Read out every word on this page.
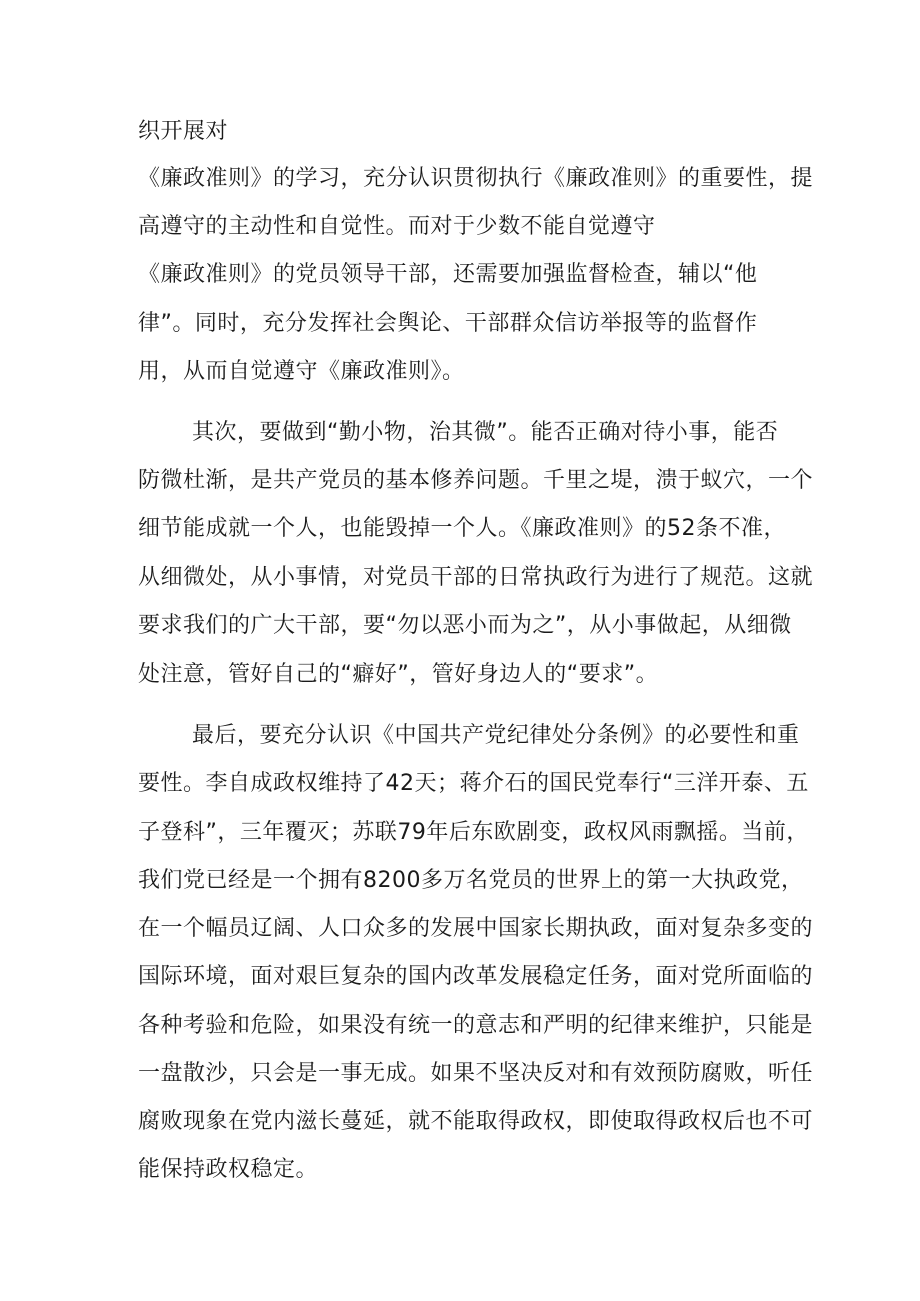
织开展对
《廉政准则》的学习，充分认识贯彻执行《廉政准则》的重要性，提
高遵守的主动性和自觉性。而对于少数不能自觉遵守
《廉政准则》的党员领导干部，还需要加强监督检查，辅以“他
律”。同时，充分发挥社会舆论、干部群众信访举报等的监督作
用，从而自觉遵守《廉政准则》。
其次，要做到“勤小物，治其微”。能否正确对待小事，能否
防微杜渐，是共产党员的基本修养问题。千里之堤，溃于蚁穴，一个
细节能成就一个人，也能毁掉一个人。《廉政准则》的52条不准，
从细微处，从小事情，对党员干部的日常执政行为进行了规范。这就
要求我们的广大干部，要“勿以恶小而为之”，从小事做起，从细微
处注意，管好自己的“癖好”，管好身边人的“要求”。
最后，要充分认识《中国共产党纪律处分条例》的必要性和重
要性。李自成政权维持了42天；蒋介石的国民党奉行“三洋开泰、五
子登科”，三年覆灭；苏联79年后东欧剧变，政权风雨飘摇。当前，
我们党已经是一个拥有8200多万名党员的世界上的第一大执政党，
在一个幅员辽阔、人口众多的发展中国家长期执政，面对复杂多变的
国际环境，面对艰巨复杂的国内改革发展稳定任务，面对党所面临的
各种考验和危险，如果没有统一的意志和严明的纪律来维护，只能是
一盘散沙，只会是一事无成。如果不坚决反对和有效预防腐败，听任
腐败现象在党内滋长蔓延，就不能取得政权，即使取得政权后也不可
能保持政权稳定。
